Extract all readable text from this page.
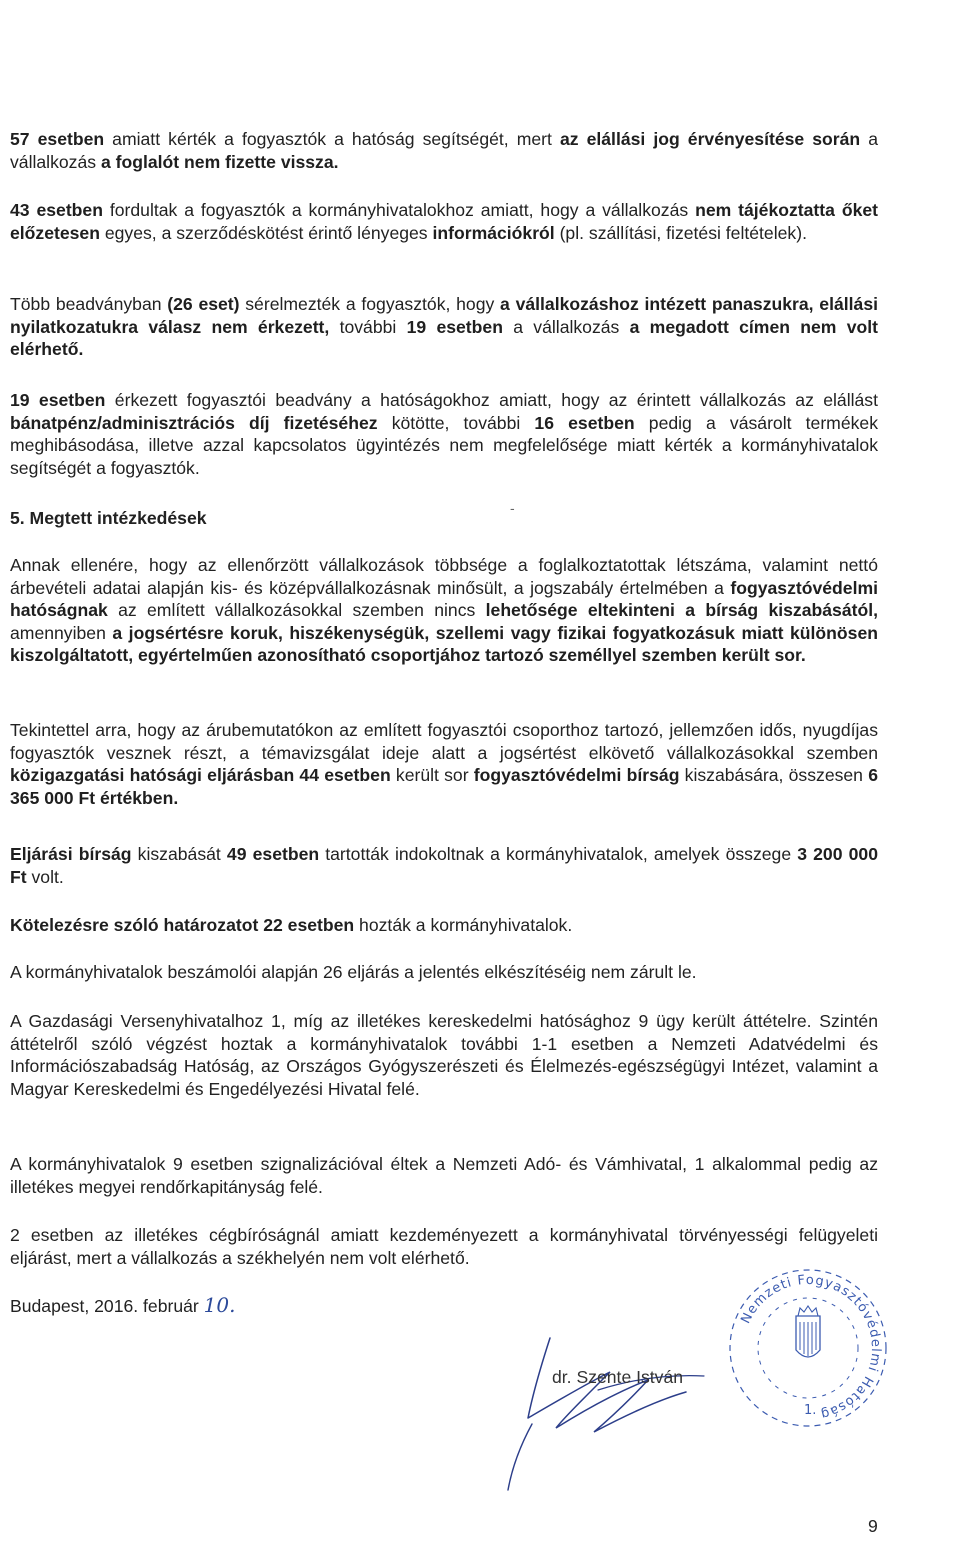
57 esetben amiatt kérték a fogyasztók a hatóság segítségét, mert az elállási jog érvényesítése során a vállalkozás a foglalót nem fizette vissza.

43 esetben fordultak a fogyasztók a kormányhivatalokhoz amiatt, hogy a vállalkozás nem tájékoztatta őket előzetesen egyes, a szerződéskötést érintő lényeges információkról (pl. szállítási, fizetési feltételek).

Több beadványban (26 eset) sérelmezték a fogyasztók, hogy a vállalkozáshoz intézett panaszukra, elállási nyilatkozatukra válasz nem érkezett, további 19 esetben a vállalkozás a megadott címen nem volt elérhető.

19 esetben érkezett fogyasztói beadvány a hatóságokhoz amiatt, hogy az érintett vállalkozás az elállást bánatpénz/adminisztrációs díj fizetéséhez kötötte, további 16 esetben pedig a vásárolt termékek meghibásodása, illetve azzal kapcsolatos ügyintézés nem megfelelősége miatt kérték a kormányhivatalok segítségét a fogyasztók.

5. Megtett intézkedések	-

Annak ellenére, hogy az ellenőrzött vállalkozások többsége a foglalkoztatottak létszáma, valamint nettó árbevételi adatai alapján kis- és középvállalkozásnak minősült, a jogszabály értelmében a fogyasztóvédelmi hatóságnak az említett vállalkozásokkal szemben nincs lehetősége eltekinteni a bírság kiszabásától, amennyiben a jogsértésre koruk, hiszékenységük, szellemi vagy fizikai fogyatkozásuk miatt különösen kiszolgáltatott, egyértelműen azonosítható csoportjához tartozó személlyel szemben került sor.

Tekintettel arra, hogy az árubemutatókon az említett fogyasztói csoporthoz tartozó, jellemzően idős, nyugdíjas fogyasztók vesznek részt, a témavizsgálat ideje alatt a jogsértést elkövető vállalkozásokkal szemben közigazgatási hatósági eljárásban 44 esetben került sor fogyasztóvédelmi bírság kiszabására, összesen 6 365 000 Ft értékben.

Eljárási bírság kiszabását 49 esetben tartották indokoltnak a kormányhivatalok, amelyek összege 3 200 000 Ft volt.

Kötelezésre szóló határozatot 22 esetben hozták a kormányhivatalok.

A kormányhivatalok beszámolói alapján 26 eljárás a jelentés elkészítéséig nem zárult le.

A Gazdasági Versenyhivatalhoz 1, míg az illetékes kereskedelmi hatósághoz 9 ügy került áttételre. Szintén áttételről szóló végzést hoztak a kormányhivatalok további 1-1 esetben a Nemzeti Adatvédelmi és Információszabadság Hatóság, az Országos Gyógyszerészeti és Élelmezés-egészségügyi Intézet, valamint a Magyar Kereskedelmi és Engedélyezési Hivatal felé.

A kormányhivatalok 9 esetben szignalizációval éltek a Nemzeti Adó- és Vámhivatal, 1 alkalommal pedig az illetékes megyei rendőrkapitányság felé.

2 esetben az illetékes cégbíróságnál amiatt kezdeményezett a kormányhivatal törvényességi felügyeleti eljárást, mert a vállalkozás a székhelyén nem volt elérhető.

Budapest, 2016. február 10.
dr. Szente István
Nemzeti Fogyasztóvédelmi Hatóság
1.
9
